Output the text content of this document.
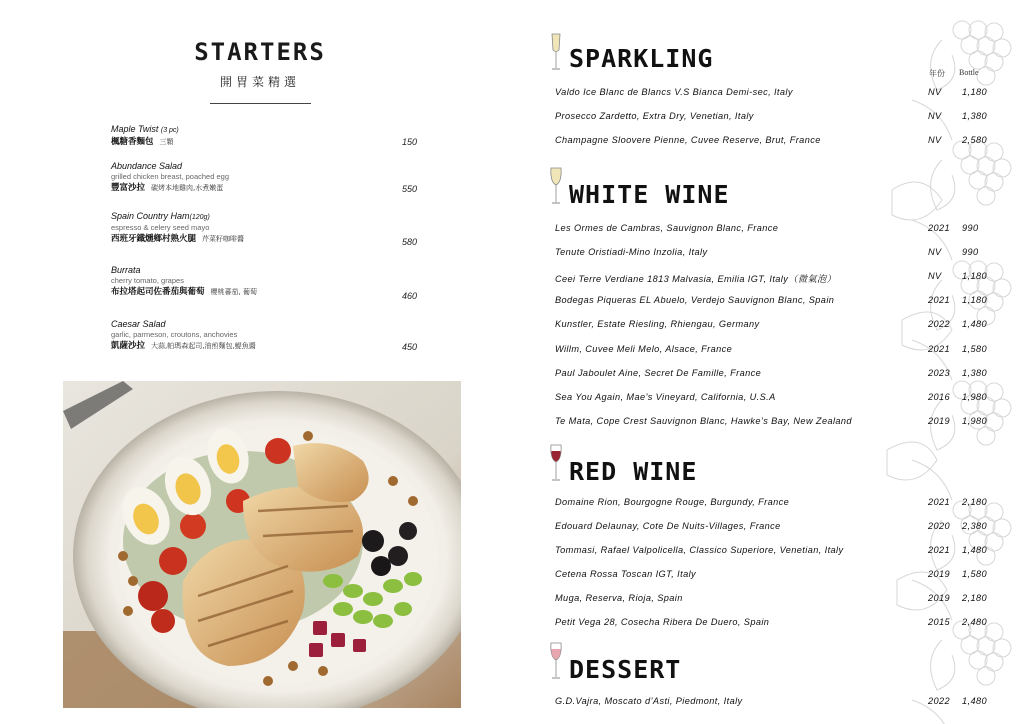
STARTERS
開胃菜精選
Maple Twist (3 pc)
楓糖香麵包 三顆	150
Abundance Salad
grilled chicken breast, poached egg
豐富沙拉 碳烤本地雞肉,水煮嫩蛋	550
Spain Country Ham(120g)
espresso & celery seed mayo
西班牙鐵燻鄉村熟火腿 芹菜籽咖啡醬	580
Burrata
cherry tomato, grapes
布拉塔起司佐番茄與葡萄 櫻桃蕃茄, 葡萄	460
Caesar Salad
garlic, parmeson, croutons, anchovies
凱薩沙拉 大蒜,帕瑪森起司,油煎麵包,鯷魚醬	450
SPARKLING
年份 Bottle
Valdo Ice Blanc de Blancs V.S Bianca Demi-sec, Italy	NV 1,180
Prosecco Zardetto, Extra Dry, Venetian, Italy	NV 1,380
Champagne Sloovere Pienne, Cuvee Reserve, Brut, France	NV 2,580
WHITE WINE
Les Ormes de Cambras, Sauvignon Blanc, France	2021 990
Tenute Oristiadi-Mino Inzolia, Italy	NV 990
Ceei Terre Verdiane 1813 Malvasia, Emilia IGT, Italy（微氣泡）	NV 1,180
Bodegas Piqueras EL Abuelo, Verdejo Sauvignon Blanc, Spain	2021 1,180
Kunstler, Estate Riesling, Rhiengau, Germany	2022 1,480
Willm, Cuvee Meli Melo, Alsace, France	2021 1,580
Paul Jaboulet Aine, Secret De Famille, France	2023 1,380
Sea You Again, Mae’s Vineyard, California, U.S.A	2016 1,980
Te Mata, Cope Crest Sauvignon Blanc, Hawke’s Bay, New Zealand	2019 1,980
RED WINE
Domaine Rion, Bourgogne Rouge, Burgundy, France	2021 2,180
Edouard Delaunay, Cote De Nuits-Villages, France	2020 2,380
Tommasi, Rafael Valpolicella, Classico Superiore, Venetian, Italy	2021 1,480
Cetena Rossa Toscan IGT, Italy	2019 1,580
Muga, Reserva, Rioja, Spain	2019 2,180
Petit Vega 28, Cosecha Ribera De Duero, Spain	2015 2,480
DESSERT
G.D.Vajra, Moscato d’Asti, Piedmont, Italy	2022 1,480
